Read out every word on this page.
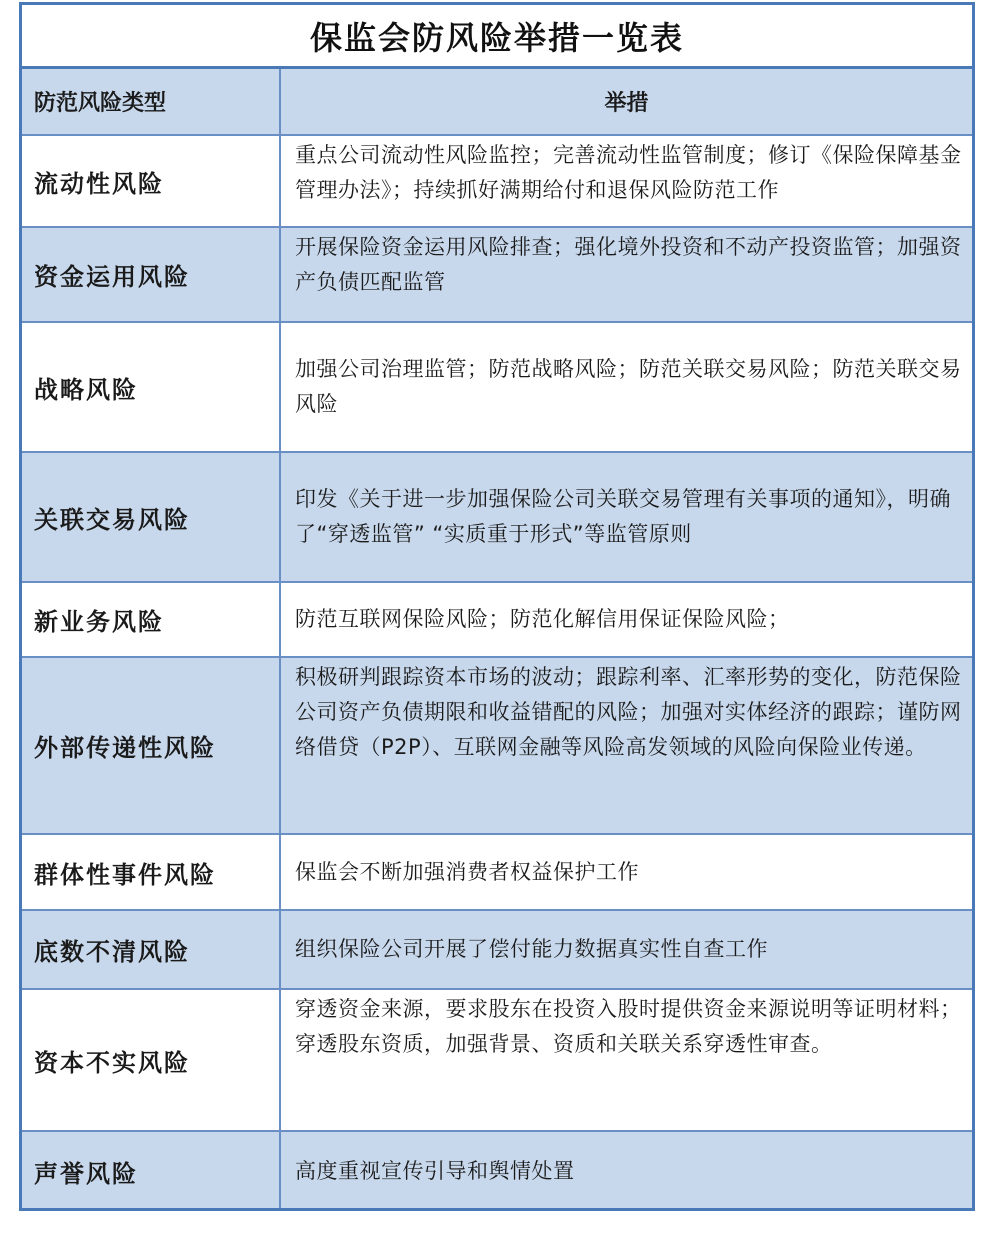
保监会防风险举措一览表
防范风险类型	举措
流动性风险	重点公司流动性风险监控；完善流动性监管制度；修订《保险保障基金管理办法》；持续抓好满期给付和退保风险防范工作
资金运用风险	开展保险资金运用风险排查；强化境外投资和不动产投资监管；加强资产负债匹配监管
战略风险	加强公司治理监管；防范战略风险；防范关联交易风险；防范关联交易风险
关联交易风险	印发《关于进一步加强保险公司关联交易管理有关事项的通知》，明确了“穿透监管” “实质重于形式”等监管原则
新业务风险	防范互联网保险风险；防范化解信用保证保险风险；
外部传递性风险	积极研判跟踪资本市场的波动；跟踪利率、汇率形势的变化，防范保险公司资产负债期限和收益错配的风险；加强对实体经济的跟踪；谨防网络借贷（P2P）、互联网金融等风险高发领域的风险向保险业传递。
群体性事件风险	保监会不断加强消费者权益保护工作
底数不清风险	组织保险公司开展了偿付能力数据真实性自查工作
资本不实风险	穿透资金来源，要求股东在投资入股时提供资金来源说明等证明材料；穿透股东资质，加强背景、资质和关联关系穿透性审查。
声誉风险	高度重视宣传引导和舆情处置
